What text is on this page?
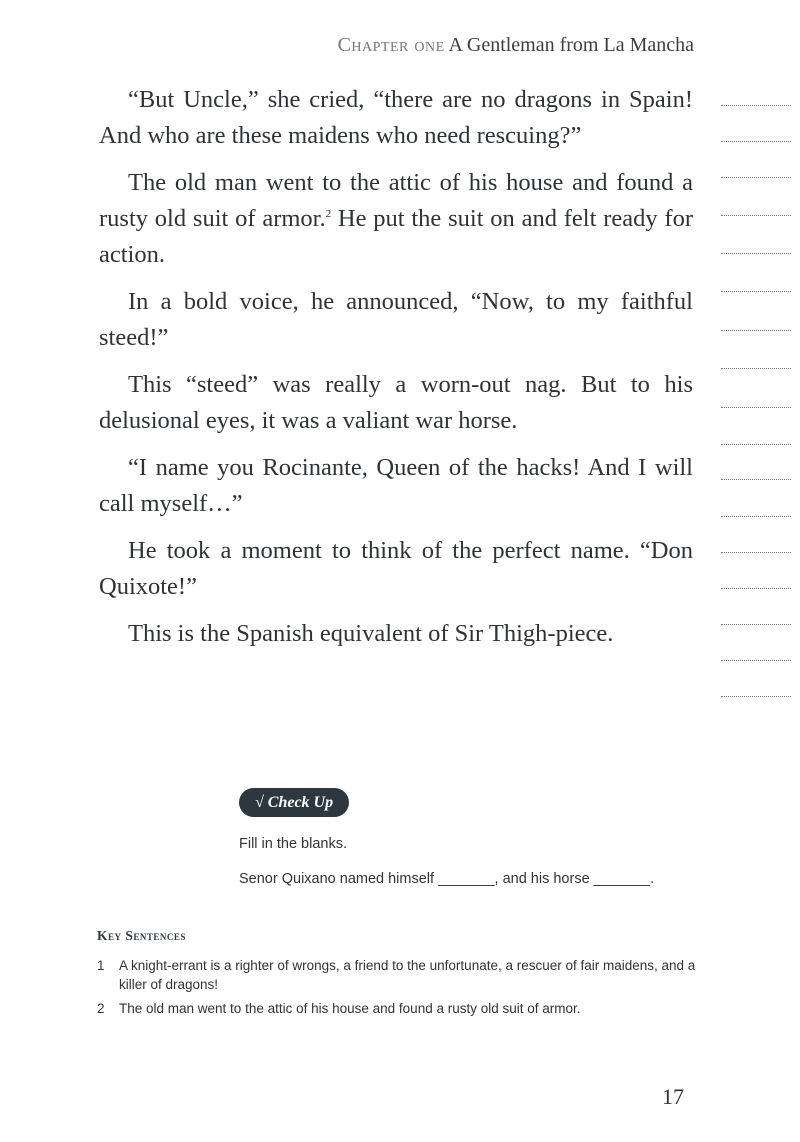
Chapter one A Gentleman from La Mancha

“But Uncle,” she cried, “there are no dragons in Spain! And who are these maidens who need rescuing?”

The old man went to the attic of his house and found a rusty old suit of armor.$^2$ He put the suit on and felt ready for action.

In a bold voice, he announced, “Now, to my faithful steed!”

This “steed” was really a worn-out nag. But to his delusional eyes, it was a valiant war horse.

“I name you Rocinante, Queen of the hacks! And I will call myself…”

He took a moment to think of the perfect name. “Don Quixote!”

This is the Spanish equivalent of Sir Thigh-piece.

√ Check Up
Fill in the blanks.
Senor Quixano named himself _______, and his horse _______.
Key Sentences
1	A knight-errant is a righter of wrongs, a friend to the unfortunate, a rescuer of fair maidens, and a killer of dragons!
2	The old man went to the attic of his house and found a rusty old suit of armor.
17
